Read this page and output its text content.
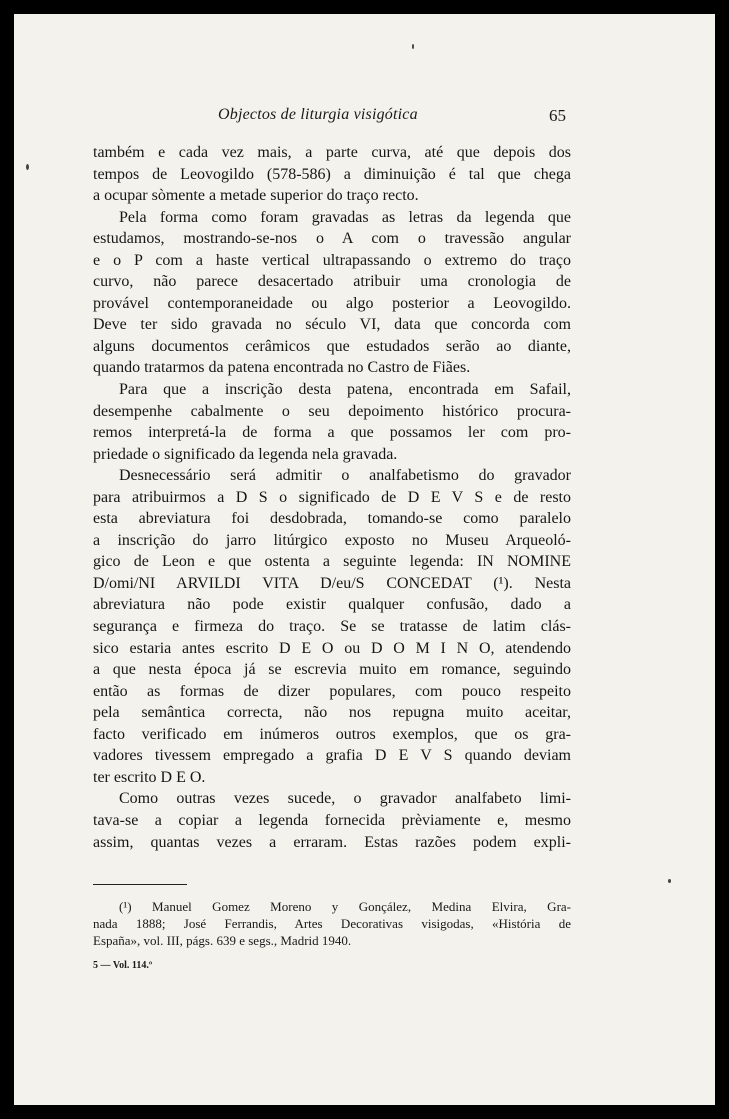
Objectos de liturgia visigótica	65
também e cada vez mais, a parte curva, até que depois dos
tempos de Leovogildo (578-586) a diminuição é tal que chega
a ocupar sòmente a metade superior do traço recto.
Pela forma como foram gravadas as letras da legenda que
estudamos, mostrando-se-nos o A com o travessão angular
e o P com a haste vertical ultrapassando o extremo do traço
curvo, não parece desacertado atribuir uma cronologia de
provável contemporaneidade ou algo posterior a Leovogildo.
Deve ter sido gravada no século VI, data que concorda com
alguns documentos cerâmicos que estudados serão ao diante,
quando tratarmos da patena encontrada no Castro de Fiães.
Para que a inscrição desta patena, encontrada em Safail,
desempenhe cabalmente o seu depoimento histórico procura-
remos interpretá-la de forma a que possamos ler com pro-
priedade o significado da legenda nela gravada.
Desnecessário será admitir o analfabetismo do gravador
para atribuirmos a D S o significado de D E V S e de resto
esta abreviatura foi desdobrada, tomando-se como paralelo
a inscrição do jarro litúrgico exposto no Museu Arqueoló-
gico de Leon e que ostenta a seguinte legenda: IN NOMINE
D/omi/NI ARVILDI VITA D/eu/S CONCEDAT (¹). Nesta
abreviatura não pode existir qualquer confusão, dado a
segurança e firmeza do traço. Se se tratasse de latim clás-
sico estaria antes escrito D E O ou D O M I N O, atendendo
a que nesta época já se escrevia muito em romance, seguindo
então as formas de dizer populares, com pouco respeito
pela semântica correcta, não nos repugna muito aceitar,
facto verificado em inúmeros outros exemplos, que os gra-
vadores tivessem empregado a grafia D E V S quando deviam
ter escrito D E O.
Como outras vezes sucede, o gravador analfabeto limi-
tava-se a copiar a legenda fornecida prèviamente e, mesmo
assim, quantas vezes a erraram. Estas razões podem expli-
(¹) Manuel Gomez Moreno y Gonçález, Medina Elvira, Gra-
nada 1888; José Ferrandis, Artes Decorativas visigodas, «História de
España», vol. III, págs. 639 e segs., Madrid 1940.
5 — Vol. 114.º
